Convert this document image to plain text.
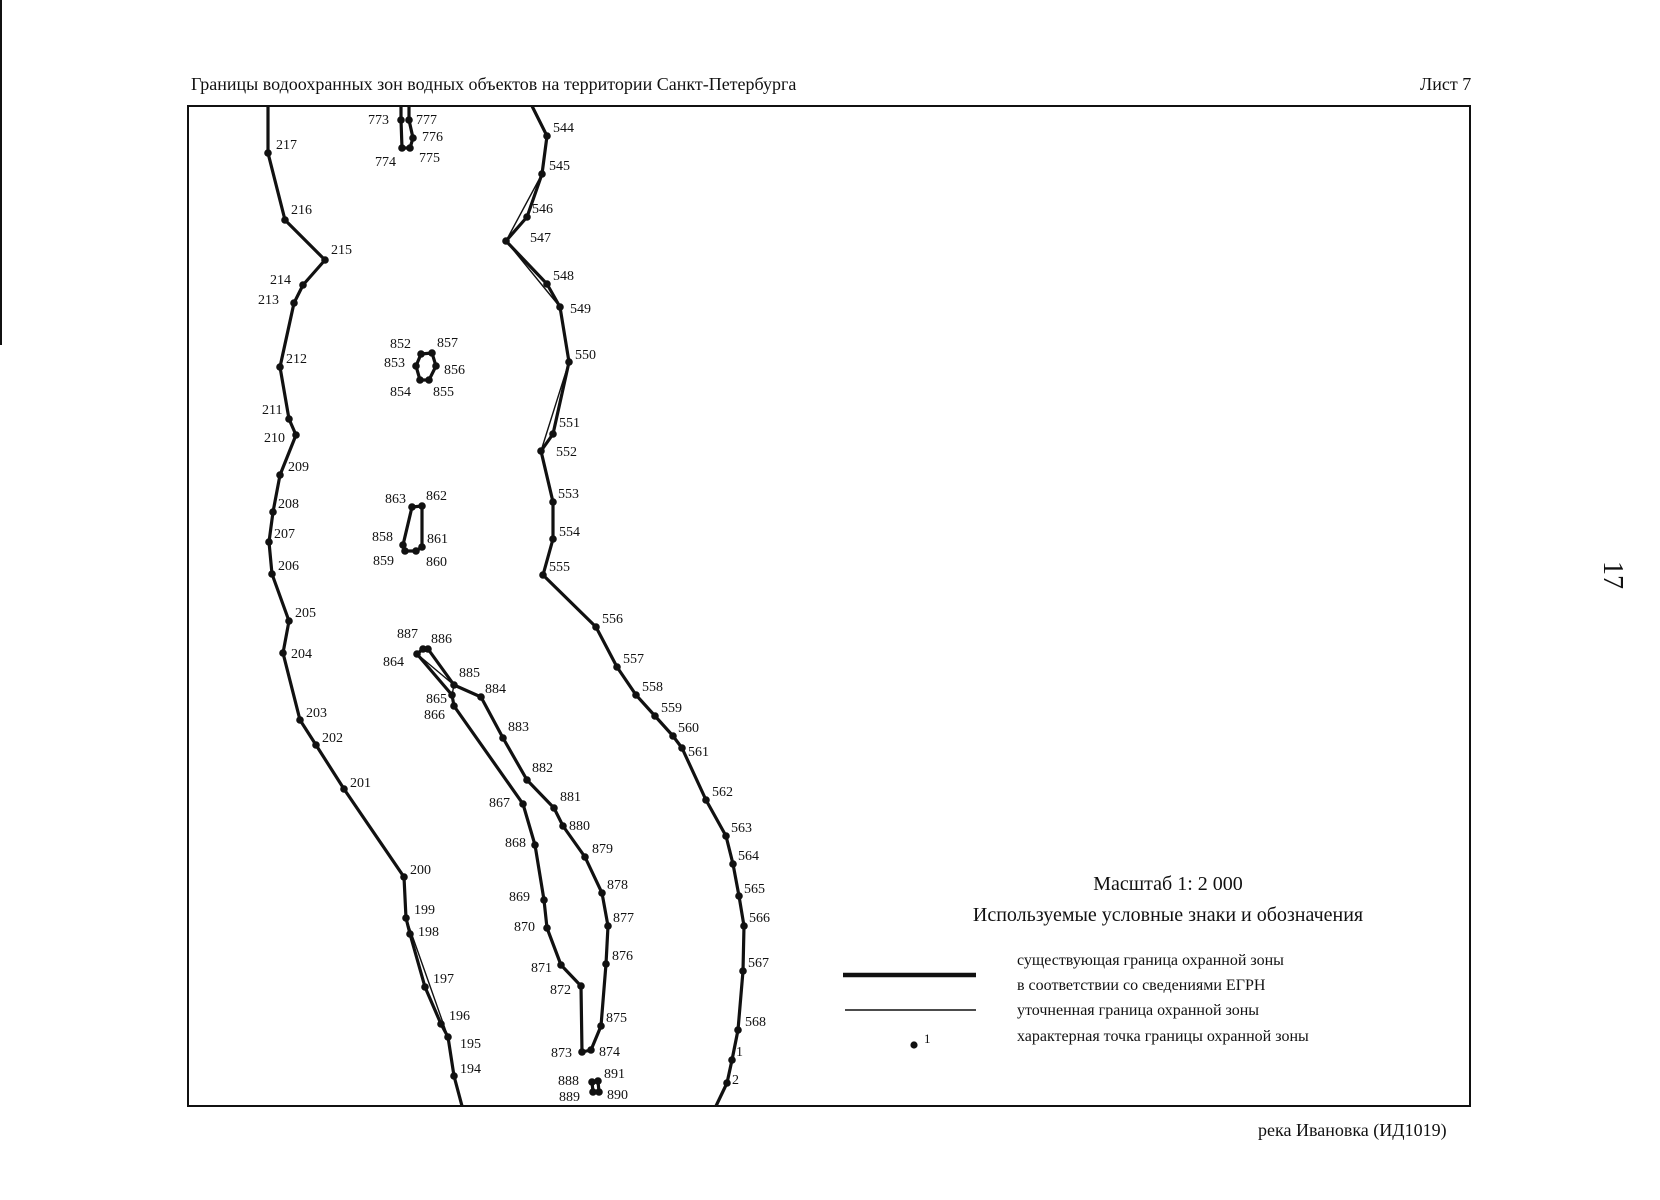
Границы водоохранных зон водных объектов на территории Санкт-Петербурга	Лист 7
река Ивановка (ИД1019)
217
216
215
214
213
212
211
210
209
208
207
206
205
204
203
202
201
200
199
198
197
196
195
194
544
545
546
547
548
549
550
551
552
553
554
555
556
557
558
559
560
561
562
563
564
565
566
567
568
1
2
773 777
776
775
774
852 857
856
855
854
853
863 862
861
860
859
858
864
887 886
885
884
883
882
881
880
879
878
877
876
875
874
873
872
871
870
869
868
867
866
865
888 891
890
889
Масштаб 1: 2 000
Используемые условные знаки и обозначения
существующая граница охранной зоны
в соответствии со сведениями ЕГРН
уточненная граница охранной зоны
1	характерная точка границы охранной зоны
17
